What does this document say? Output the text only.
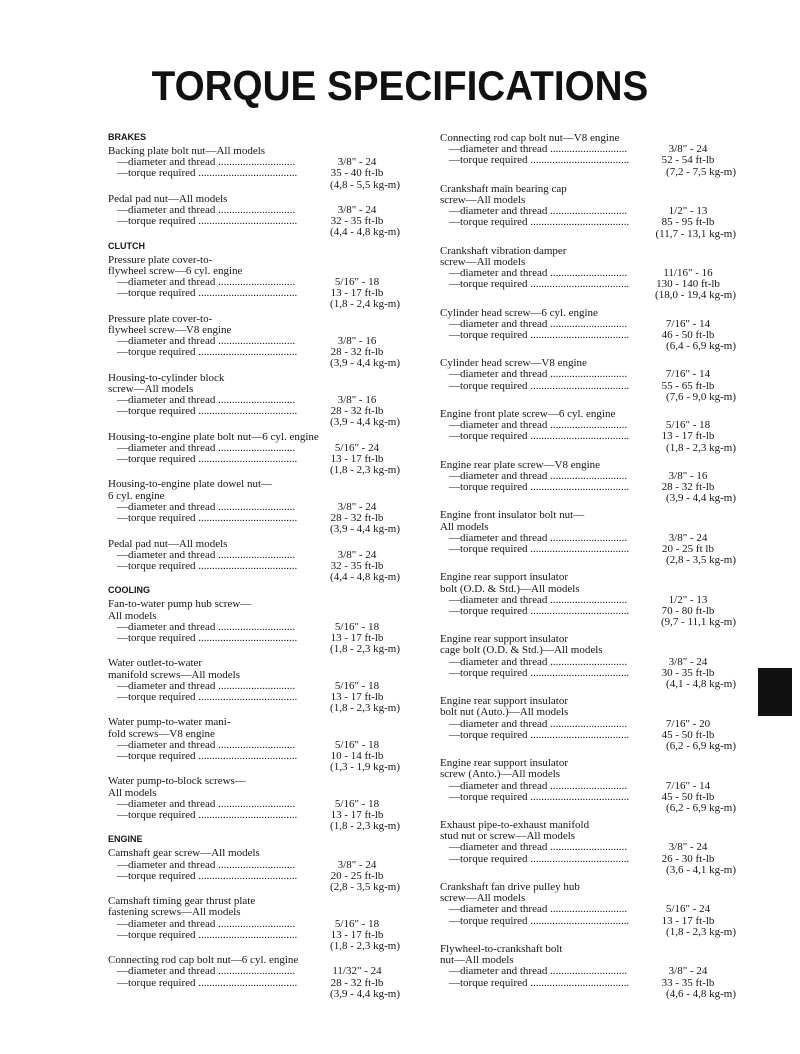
TORQUE SPECIFICATIONS
BRAKES
Backing plate bolt nut—All models
—diameter and thread ............................	3/8" - 24
—torque required ....................................	35 - 40 ft-lb
(4,8 - 5,5 kg-m)
Pedal pad nut—All models
—diameter and thread ............................	3/8" - 24
—torque required ....................................	32 - 35 ft-lb
(4,4 - 4,8 kg-m)
CLUTCH
Pressure plate cover-to-
flywheel screw—6 cyl. engine
—diameter and thread ............................	5/16" - 18
—torque required ....................................	13 - 17 ft-lb
(1,8 - 2,4 kg-m)
Pressure plate cover-to-
flywheel screw—V8 engine
—diameter and thread ............................	3/8" - 16
—torque required ....................................	28 - 32 ft-lb
(3,9 - 4,4 kg-m)
Housing-to-cylinder block
screw—All models
—diameter and thread ............................	3/8" - 16
—torque required ....................................	28 - 32 ft-lb
(3,9 - 4,4 kg-m)
Housing-to-engine plate bolt nut—6 cyl. engine
—diameter and thread ............................	5/16" - 24
—torque required ....................................	13 - 17 ft-lb
(1,8 - 2,3 kg-m)
Housing-to-engine plate dowel nut—
6 cyl. engine
—diameter and thread ............................	3/8" - 24
—torque required ....................................	28 - 32 ft-lb
(3,9 - 4,4 kg-m)
Pedal pad nut—All models
—diameter and thread ............................	3/8" - 24
—torque required ....................................	32 - 35 ft-lb
(4,4 - 4,8 kg-m)
COOLING
Fan-to-water pump hub screw—
All models
—diameter and thread ............................	5/16" - 18
—torque required ....................................	13 - 17 ft-lb
(1,8 - 2,3 kg-m)
Water outlet-to-water
manifold screws—All models
—diameter and thread ............................	5/16" - 18
—torque required ....................................	13 - 17 ft-lb
(1,8 - 2,3 kg-m)
Water pump-to-water mani-
fold screws—V8 engine
—diameter and thread ............................	5/16" - 18
—torque required ....................................	10 - 14 ft-lb
(1,3 - 1,9 kg-m)
Water pump-to-block screws—
All models
—diameter and thread ............................	5/16" - 18
—torque required ....................................	13 - 17 ft-lb
(1,8 - 2,3 kg-m)
ENGINE
Camshaft gear screw—All models
—diameter and thread ............................	3/8" - 24
—torque required ....................................	20 - 25 ft-lb
(2,8 - 3,5 kg-m)
Camshaft timing gear thrust plate
fastening screws—All models
—diameter and thread ............................	5/16" - 18
—torque required ....................................	13 - 17 ft-lb
(1,8 - 2,3 kg-m)
Connecting rod cap bolt nut—6 cyl. engine
—diameter and thread ............................	11/32" - 24
—torque required ....................................	28 - 32 ft-lb
(3,9 - 4,4 kg-m)
Connecting rod cap bolt nut—V8 engine
—diameter and thread ............................	3/8" - 24
—torque required ....................................	52 - 54 ft-lb
(7,2 - 7,5 kg-m)
Crankshaft main bearing cap
screw—All models
—diameter and thread ............................	1/2" - 13
—torque required ....................................	85 - 95 ft-lb
(11,7 - 13,1 kg-m)
Crankshaft vibration damper
screw—All models
—diameter and thread ............................	11/16" - 16
—torque required ....................................	130 - 140 ft-lb
(18,0 - 19,4 kg-m)
Cylinder head screw—6 cyl. engine
—diameter and thread ............................	7/16" - 14
—torque required ....................................	46 - 50 ft-lb
(6,4 - 6,9 kg-m)
Cylinder head screw—V8 engine
—diameter and thread ............................	7/16" - 14
—torque required ....................................	55 - 65 ft-lb
(7,6 - 9,0 kg-m)
Engine front plate screw—6 cyl. engine
—diameter and thread ............................	5/16" - 18
—torque required ....................................	13 - 17 ft-lb
(1,8 - 2,3 kg-m)
Engine rear plate screw—V8 engine
—diameter and thread ............................	3/8" - 16
—torque required ....................................	28 - 32 ft-lb
(3,9 - 4,4 kg-m)
Engine front insulator bolt nut—
All models
—diameter and thread ............................	3/8" - 24
—torque required ....................................	20 - 25 ft lb
(2,8 - 3,5 kg-m)
Engine rear support insulator
bolt (O.D. & Std.)—All models
—diameter and thread ............................	1/2" - 13
—torque required ....................................	70 - 80 ft-lb
(9,7 - 11,1 kg-m)
Engine rear support insulator
cage bolt (O.D. & Std.)—All models
—diameter and thread ............................	3/8" - 24
—torque required ....................................	30 - 35 ft-lb
(4,1 - 4,8 kg-m)
Engine rear support insulator
bolt nut (Auto.)—All models
—diameter and thread ............................	7/16" - 20
—torque required ....................................	45 - 50 ft-lb
(6,2 - 6,9 kg-m)
Engine rear support insulator
screw (Anto.)—All models
—diameter and thread ............................	7/16" - 14
—torque required ....................................	45 - 50 ft-lb
(6,2 - 6,9 kg-m)
Exhaust pipe-to-exhaust manifold
stud nut or screw—All models
—diameter and thread ............................	3/8" - 24
—torque required ....................................	26 - 30 ft-lb
(3,6 - 4,1 kg-m)
Crankshaft fan drive pulley hub
screw—All models
—diameter and thread ............................	5/16" - 24
—torque required ....................................	13 - 17 ft-lb
(1,8 - 2,3 kg-m)
Flywheel-to-crankshaft bolt
nut—All models
—diameter and thread ............................	3/8" - 24
—torque required ....................................	33 - 35 ft-lb
(4,6 - 4,8 kg-m)
